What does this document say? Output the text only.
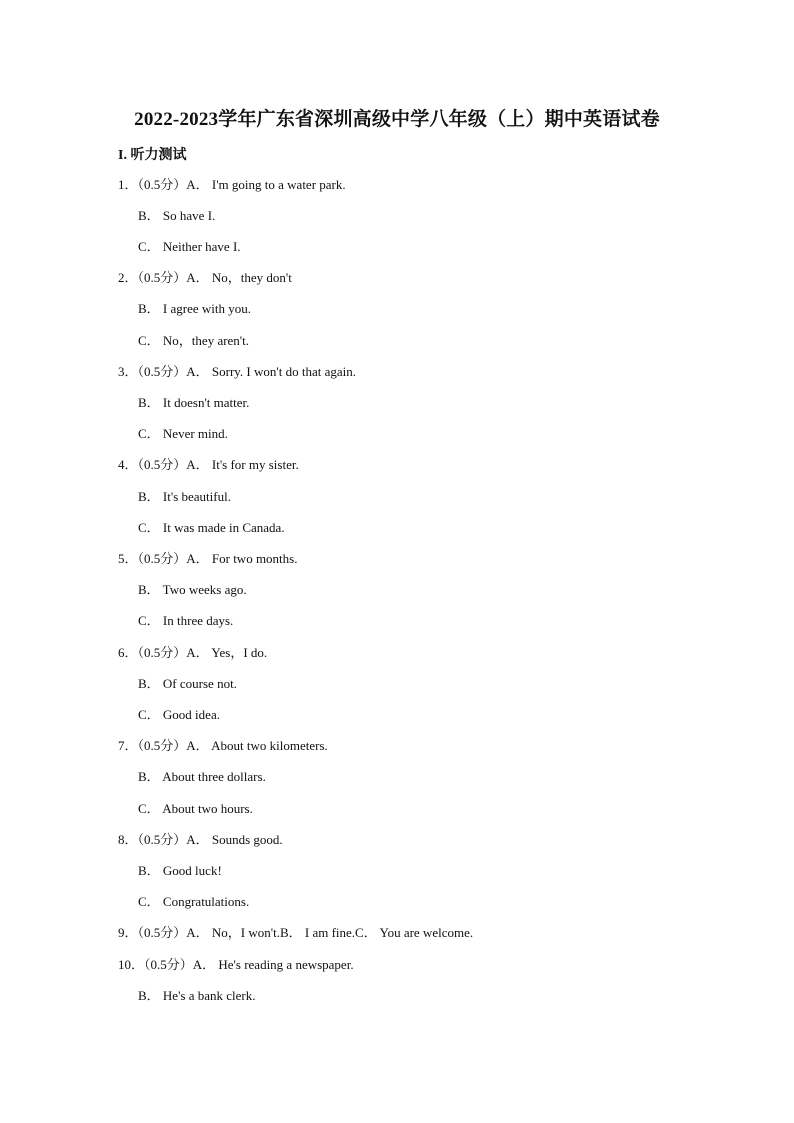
2022-2023学年广东省深圳高级中学八年级（上）期中英语试卷
I. 听力测试
1．（0.5分）A． I'm going to a water park.
B． So have I.
C． Neither have I.
2．（0.5分）A． No，they don't
B． I agree with you.
C． No，they aren't.
3．（0.5分）A． Sorry. I won't do that again.
B． It doesn't matter.
C． Never mind.
4．（0.5分）A． It's for my sister.
B． It's beautiful.
C． It was made in Canada.
5．（0.5分）A． For two months.
B． Two weeks ago.
C． In three days.
6．（0.5分）A． Yes，I do.
B． Of course not.
C． Good idea.
7．（0.5分）A． About two kilometers.
B． About three dollars.
C． About two hours.
8．（0.5分）A． Sounds good.
B． Good luck!
C． Congratulations.
9．（0.5分）A． No，I won't.B． I am fine.C． You are welcome.
10．（0.5分）A． He's reading a newspaper.
B． He's a bank clerk.
